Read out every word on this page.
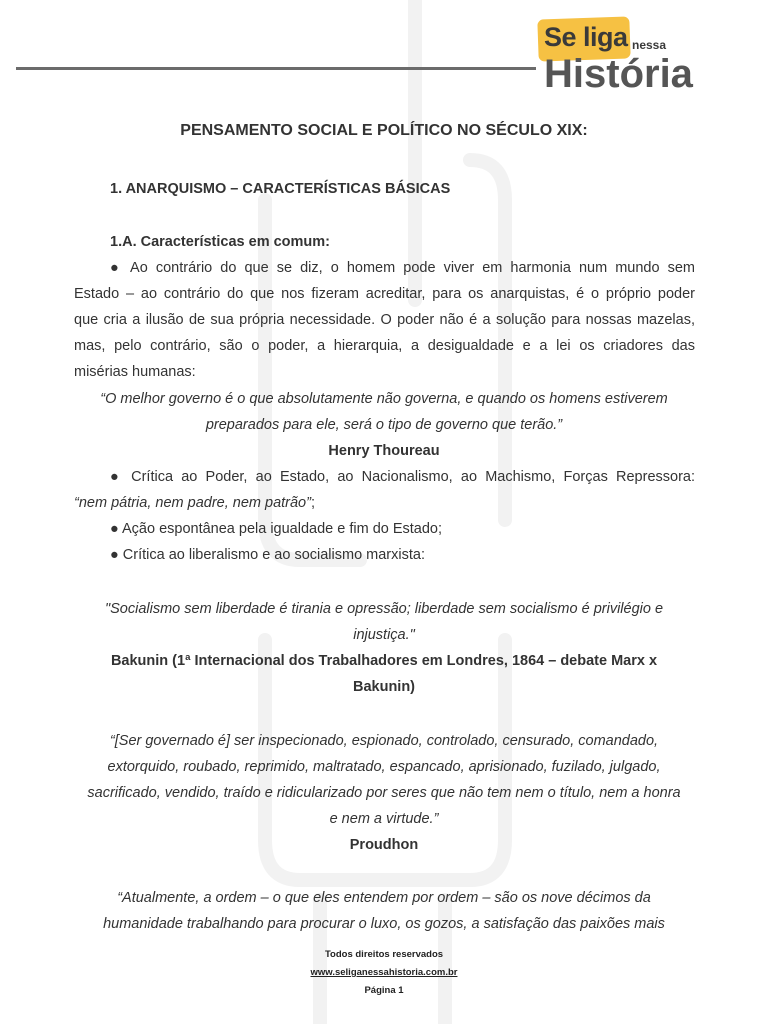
Se liga nessa
História
PENSAMENTO SOCIAL E POLÍTICO NO SÉCULO XIX:
1. ANARQUISMO – CARACTERÍSTICAS BÁSICAS
1.A. Características em comum:
● Ao contrário do que se diz, o homem pode viver em harmonia num mundo sem
Estado – ao contrário do que nos fizeram acreditar, para os anarquistas, é o próprio poder
que cria a ilusão de sua própria necessidade. O poder não é a solução para nossas mazelas,
mas, pelo contrário, são o poder, a hierarquia, a desigualdade e a lei os criadores das
misérias humanas:
“O melhor governo é o que absolutamente não governa, e quando os homens estiverem
preparados para ele, será o tipo de governo que terão.”
Henry Thoureau
● Crítica ao Poder, ao Estado, ao Nacionalismo, ao Machismo, Forças Repressora:
“nem pátria, nem padre, nem patrão”;
● Ação espontânea pela igualdade e fim do Estado;
● Crítica ao liberalismo e ao socialismo marxista:
"Socialismo sem liberdade é tirania e opressão; liberdade sem socialismo é privilégio e
injustiça."
Bakunin (1ª Internacional dos Trabalhadores em Londres, 1864 – debate Marx x
Bakunin)
“[Ser governado é] ser inspecionado, espionado, controlado, censurado, comandado,
extorquido, roubado, reprimido, maltratado, espancado, aprisionado, fuzilado, julgado,
sacrificado, vendido, traído e ridicularizado por seres que não tem nem o título, nem a honra
e nem a virtude.”
Proudhon
“Atualmente, a ordem – o que eles entendem por ordem – são os nove décimos da
humanidade trabalhando para procurar o luxo, os gozos, a satisfação das paixões mais
Todos direitos reservados
www.seliganessahistoria.com.br
Página 1
